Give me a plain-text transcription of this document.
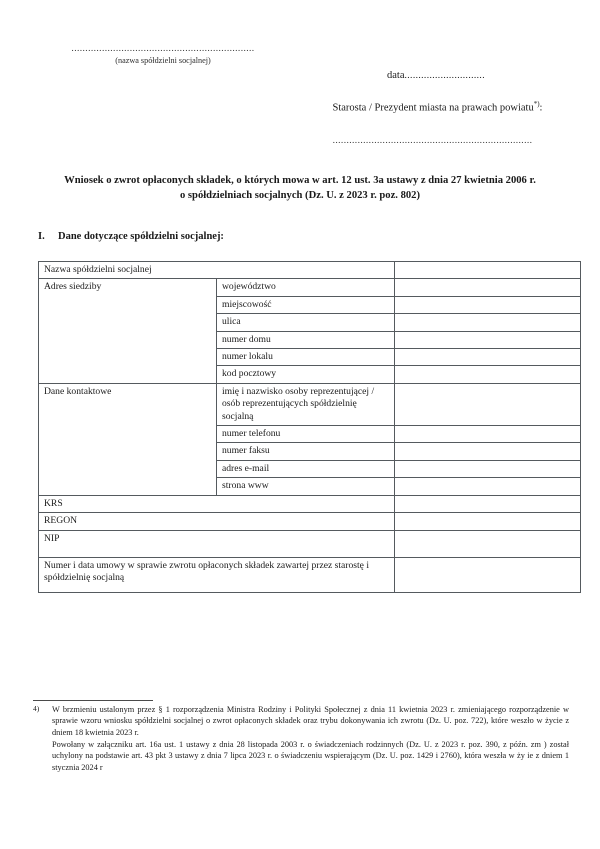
..................................................................
(nazwa spółdzielni socjalnej)
data.............................
Starosta / Prezydent miasta na prawach powiatu*):
........................................................................
Wniosek o zwrot opłaconych składek, o których mowa w art. 12 ust. 3a ustawy z dnia 27 kwietnia 2006 r.
o spółdzielniach socjalnych (Dz. U. z 2023 r. poz. 802)
I. Dane dotyczące spółdzielni socjalnej:
Nazwa spółdzielni socjalnej		
Adres siedziby	województwo	
	miejscowość	
	ulica	
	numer domu	
	numer lokalu	
	kod pocztowy	
Dane kontaktowe	imię i nazwisko osoby reprezentującej / osób reprezentujących spółdzielnię socjalną	
	numer telefonu	
	numer faksu	
	adres e-mail	
	strona www	
KRS		
REGON		
NIP		
Numer i data umowy w sprawie zwrotu opłaconych składek zawartej przez starostę i spółdzielnię socjalną		
4) W brzmieniu ustalonym przez § 1 rozporządzenia Ministra Rodziny i Polityki Społecznej z dnia 11 kwietnia 2023 r. zmieniającego rozporządzenie w sprawie wzoru wniosku spółdzielni socjalnej o zwrot opłaconych składek oraz trybu dokonywania ich zwrotu (Dz. U. poz. 722), które weszło w życie z dniem 18 kwietnia 2023 r.

Powołany w załączniku art. 16a ust. 1 ustawy z dnia 28 listopada 2003 r. o świadczeniach rodzinnych (Dz. U. z 2023 r. poz. 390, z późn. zm ) został uchylony na podstawie art. 43 pkt 3 ustawy z dnia 7 lipca 2023 r. o świadczeniu wspierającym (Dz. U. poz. 1429 i 2760), która weszła w ży ie z dniem 1 stycznia 2024 r
